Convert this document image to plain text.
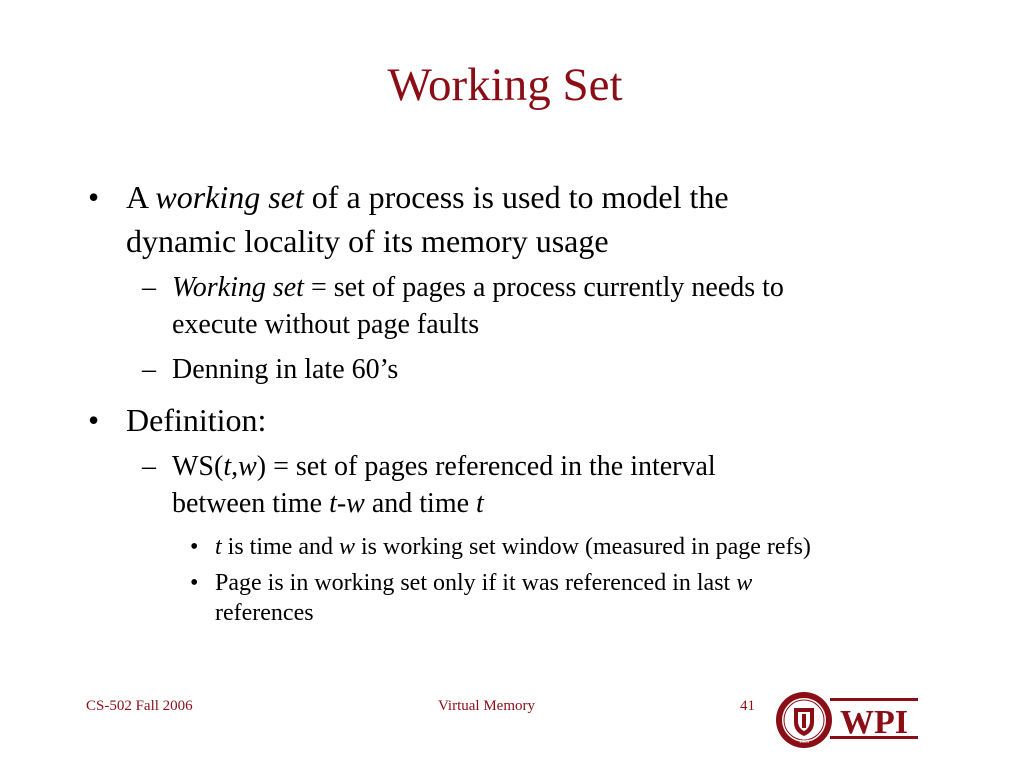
Working Set
• A working set of a process is used to model the
dynamic locality of its memory usage
– Working set = set of pages a process currently needs to
execute without page faults
– Denning in late 60’s
• Definition:
– WS(t,w) = set of pages referenced in the interval
between time t-w and time t
• t is time and w is working set window (measured in page refs)
• Page is in working set only if it was referenced in last w
references
CS-502 Fall 2006	Virtual Memory	41
1865
WPI
